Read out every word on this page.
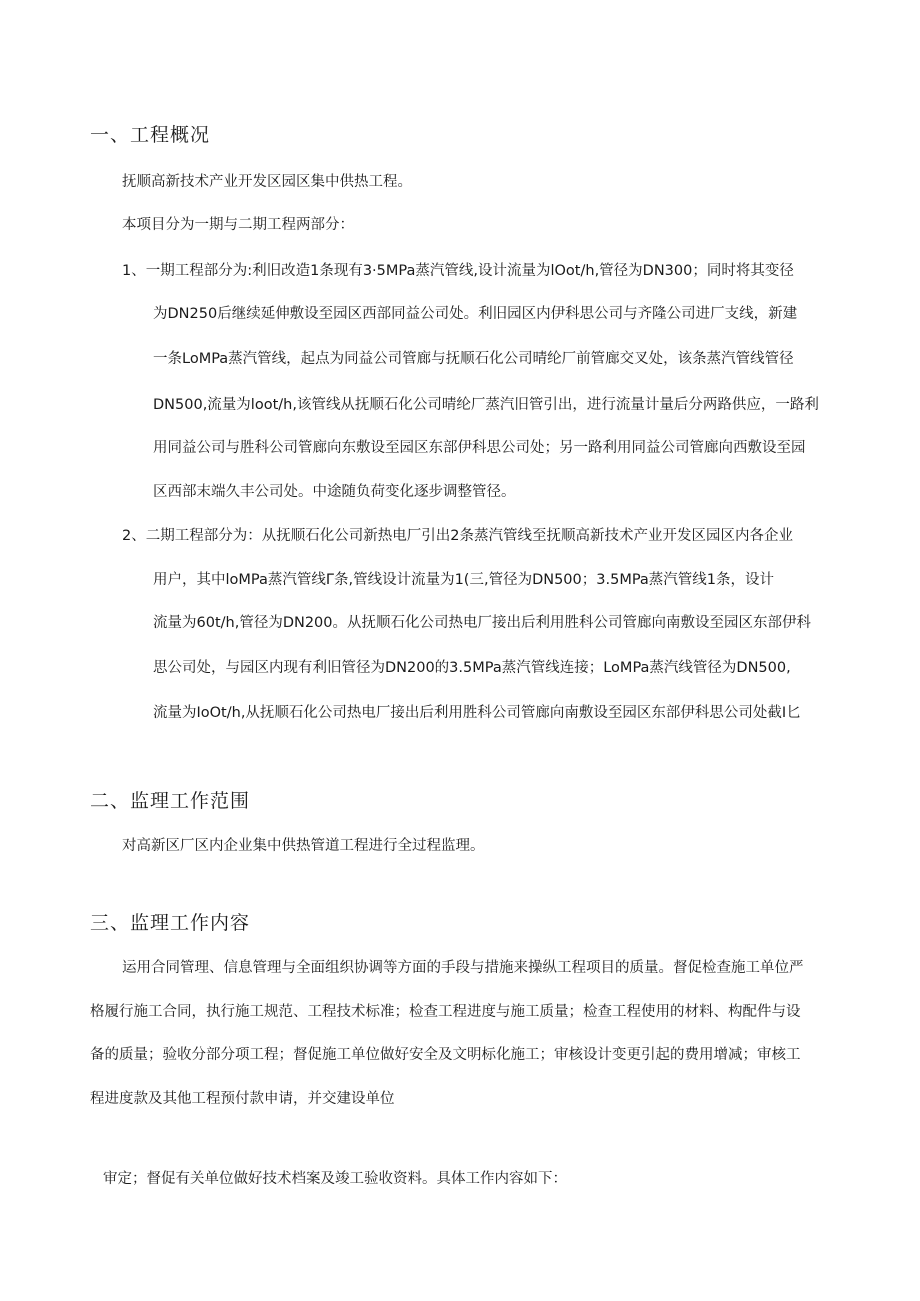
一、工程概况
抚顺高新技术产业开发区园区集中供热工程。
本项目分为一期与二期工程两部分：
1、一期工程部分为:利旧改造1条现有3·5MPa蒸汽管线,设计流量为lOot∕h,管径为DN300；同时将其变径
为DN250后继续延伸敷设至园区西部同益公司处。利旧园区内伊科思公司与齐隆公司进厂支线，新建
一条LoMPa蒸汽管线，起点为同益公司管廊与抚顺石化公司晴纶厂前管廊交叉处，该条蒸汽管线管径
DN500,流量为loot∕h,该管线从抚顺石化公司晴纶厂蒸汽旧管引出，进行流量计量后分两路供应，一路利
用同益公司与胜科公司管廊向东敷设至园区东部伊科思公司处；另一路利用同益公司管廊向西敷设至园
区西部末端久丰公司处。中途随负荷变化逐步调整管径。
2、二期工程部分为：从抚顺石化公司新热电厂引出2条蒸汽管线至抚顺高新技术产业开发区园区内各企业
用户，其中loMPa蒸汽管线Γ条,管线设计流量为1(三,管径为DN500；3.5MPa蒸汽管线1条，设计
流量为60t∕h,管径为DN200。从抚顺石化公司热电厂接出后利用胜科公司管廊向南敷设至园区东部伊科
思公司处，与园区内现有利旧管径为DN200的3.5MPa蒸汽管线连接；LoMPa蒸汽线管径为DN500,
流量为IoOt∕h,从抚顺石化公司热电厂接出后利用胜科公司管廊向南敷设至园区东部伊科思公司处截I匕
二、监理工作范围
对高新区厂区内企业集中供热管道工程进行全过程监理。
三、监理工作内容
运用合同管理、信息管理与全面组织协调等方面的手段与措施来操纵工程项目的质量。督促检查施工单位严
格履行施工合同，执行施工规范、工程技术标准；检查工程进度与施工质量；检查工程使用的材料、构配件与设
备的质量；验收分部分项工程；督促施工单位做好安全及文明标化施工；审核设计变更引起的费用增减；审核工
程进度款及其他工程预付款申请，并交建设单位
审定；督促有关单位做好技术档案及竣工验收资料。具体工作内容如下：
